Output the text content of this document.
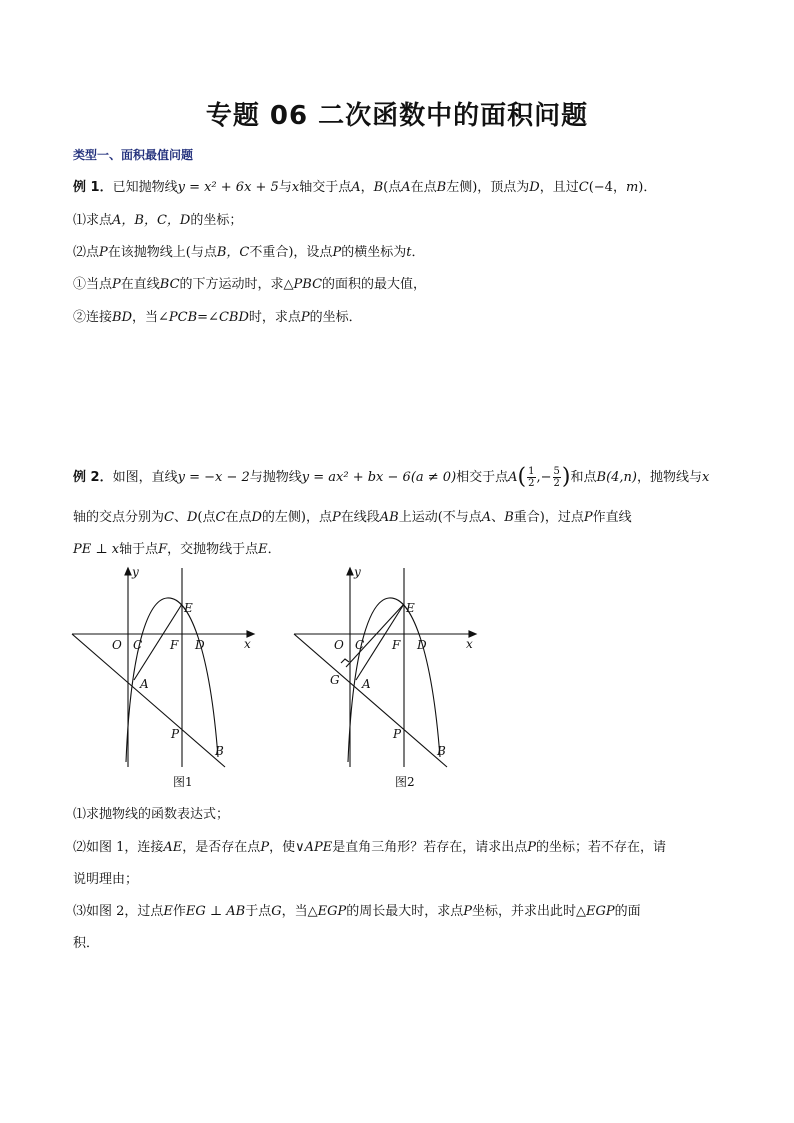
专题 06 二次函数中的面积问题
类型一、面积最值问题
例 1．已知抛物线y = x² + 6x + 5与x轴交于点A，B(点A在点B左侧)，顶点为D，且过C(−4，m)．
⑴求点A，B，C，D的坐标；
⑵点P在该抛物线上(与点B，C不重合)，设点P的横坐标为t．
①当点P在直线BC的下方运动时，求△PBC的面积的最大值，
②连接BD，当∠PCB=∠CBD时，求点P的坐标．
例 2．如图，直线y = −x − 2与抛物线y = ax² + bx − 6(a ≠ 0)相交于点$A( \frac{1}{2}$ ,− $\frac{5}{2}$ )和点B(4,n)，抛物线与x
轴的交点分别为C、D(点C在点D的左侧)，点P在线段AB上运动(不与点A、B重合)，过点P作直线
PE ⊥ x轴于点F，交抛物线于点E．
y
x
O C F D
E
A
P
B
图1
y
x
O C F D
E
A
G
P
B
图2
⑴求抛物线的函数表达式；
⑵如图 1，连接AE，是否存在点P，使∨APE是直角三角形？若存在，请求出点P的坐标；若不存在，请
说明理由；
⑶如图 2，过点E作EG ⊥ AB于点G，当△EGP的周长最大时，求点P坐标，并求出此时△EGP的面
积．
